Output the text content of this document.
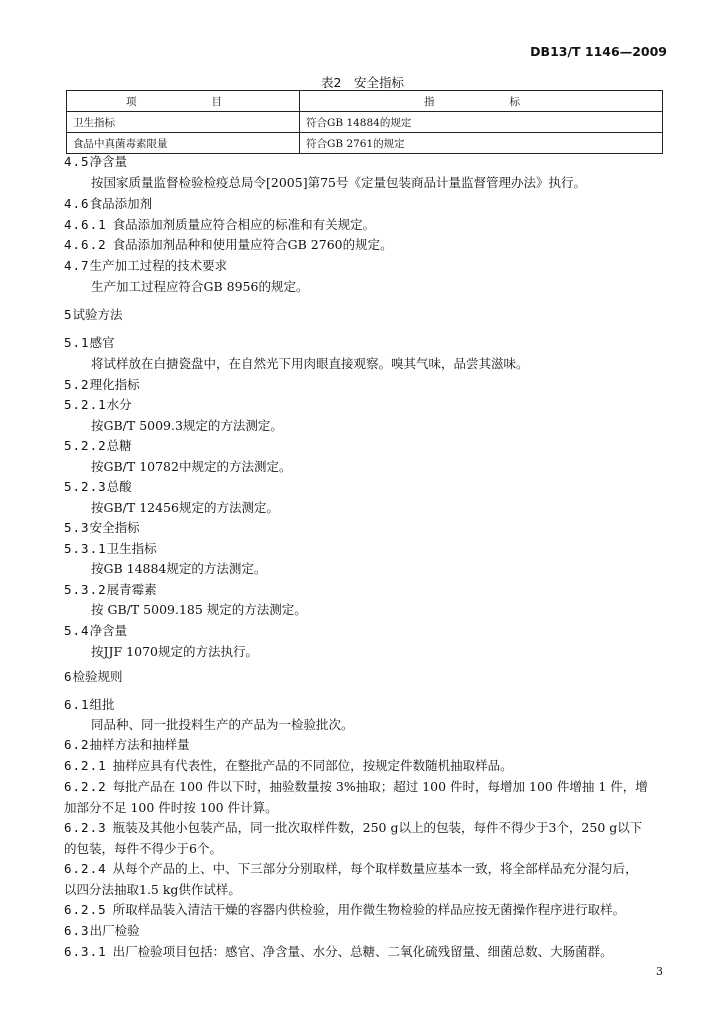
DB13/T 1146—2009
表2　安全指标
项　　目	指　　标
卫生指标	符合GB 14884的规定
食品中真菌毒素限量	符合GB 2761的规定
4.5净含量
按国家质量监督检验检疫总局令[2005]第75号《定量包装商品计量监督管理办法》执行。
4.6食品添加剂
4.6.1 食品添加剂质量应符合相应的标准和有关规定。
4.6.2 食品添加剂品种和使用量应符合GB 2760的规定。
4.7生产加工过程的技术要求
生产加工过程应符合GB 8956的规定。
5试验方法
5.1感官
将试样放在白搪瓷盘中，在自然光下用肉眼直接观察。嗅其气味，品尝其滋味。
5.2理化指标
5.2.1水分
按GB/T 5009.3规定的方法测定。
5.2.2总糖
按GB/T 10782中规定的方法测定。
5.2.3总酸
按GB/T 12456规定的方法测定。
5.3安全指标
5.3.1卫生指标
按GB 14884规定的方法测定。
5.3.2展青霉素
按 GB/T 5009.185 规定的方法测定。
5.4净含量
按JJF 1070规定的方法执行。
6检验规则
6.1组批
同品种、同一批投料生产的产品为一检验批次。
6.2抽样方法和抽样量
6.2.1 抽样应具有代表性，在整批产品的不同部位，按规定件数随机抽取样品。
6.2.2 每批产品在 100 件以下时，抽验数量按 3%抽取；超过 100 件时，每增加 100 件增抽 1 件，增
加部分不足 100 件时按 100 件计算。
6.2.3 瓶装及其他小包装产品，同一批次取样件数，250 g以上的包装，每件不得少于3个，250 g以下
的包装，每件不得少于6个。
6.2.4 从每个产品的上、中、下三部分分别取样，每个取样数量应基本一致，将全部样品充分混匀后，
以四分法抽取1.5 kg供作试样。
6.2.5 所取样品装入清洁干燥的容器内供检验，用作微生物检验的样品应按无菌操作程序进行取样。
6.3出厂检验
6.3.1 出厂检验项目包括：感官、净含量、水分、总糖、二氧化硫残留量、细菌总数、大肠菌群。
3
